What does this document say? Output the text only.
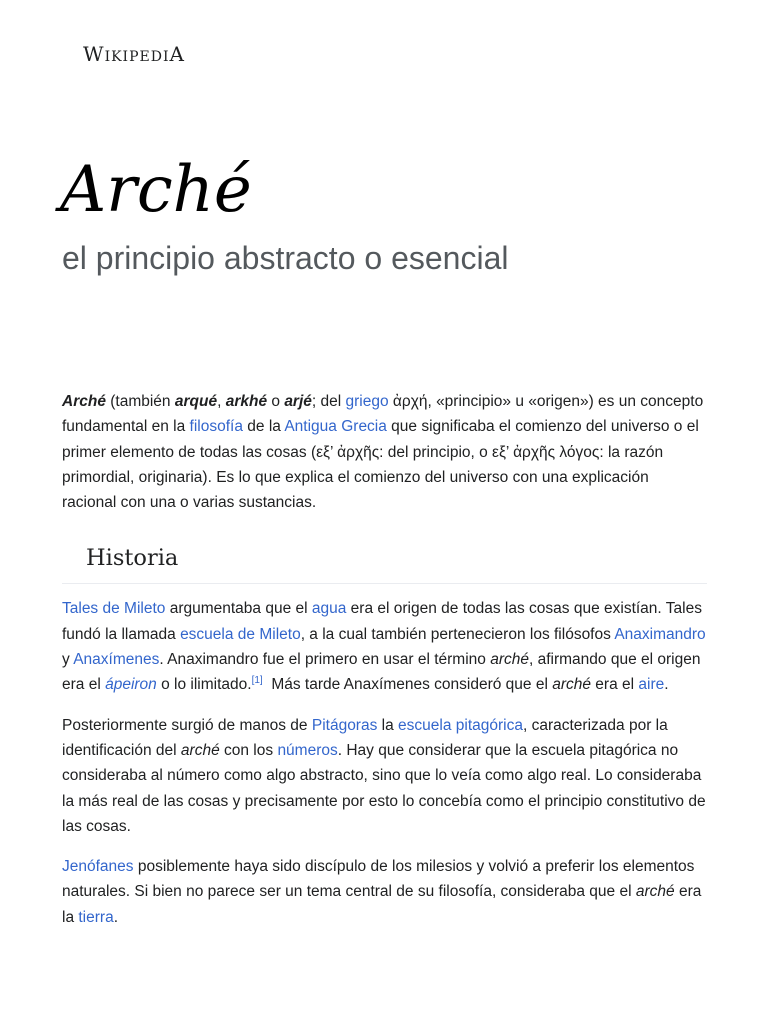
WikipediA
Arché
el principio abstracto o esencial

Arché (también arqué, arkhé o arjé; del griego ἀρχή, «principio» u «origen») es un concepto fundamental en la filosofía de la Antigua Grecia que significaba el comienzo del universo o el primer elemento de todas las cosas (εξ’ ἀρχῆς: del principio, o εξ’ ἀρχῆς λόγος: la razón primordial, originaria). Es lo que explica el comienzo del universo con una explicación racional con una o varias sustancias.

Historia

Tales de Mileto argumentaba que el agua era el origen de todas las cosas que existían. Tales fundó la llamada escuela de Mileto, a la cual también pertenecieron los filósofos Anaximandro y Anaxímenes. Anaximandro fue el primero en usar el término arché, afirmando que el origen era el ápeiron o lo ilimitado.[1]  Más tarde Anaxímenes consideró que el arché era el aire.

Posteriormente surgió de manos de Pitágoras la escuela pitagórica, caracterizada por la identificación del arché con los números. Hay que considerar que la escuela pitagórica no consideraba al número como algo abstracto, sino que lo veía como algo real. Lo consideraba la más real de las cosas y precisamente por esto lo concebía como el principio constitutivo de las cosas.

Jenófanes posiblemente haya sido discípulo de los milesios y volvió a preferir los elementos naturales. Si bien no parece ser un tema central de su filosofía, consideraba que el arché era la tierra.
